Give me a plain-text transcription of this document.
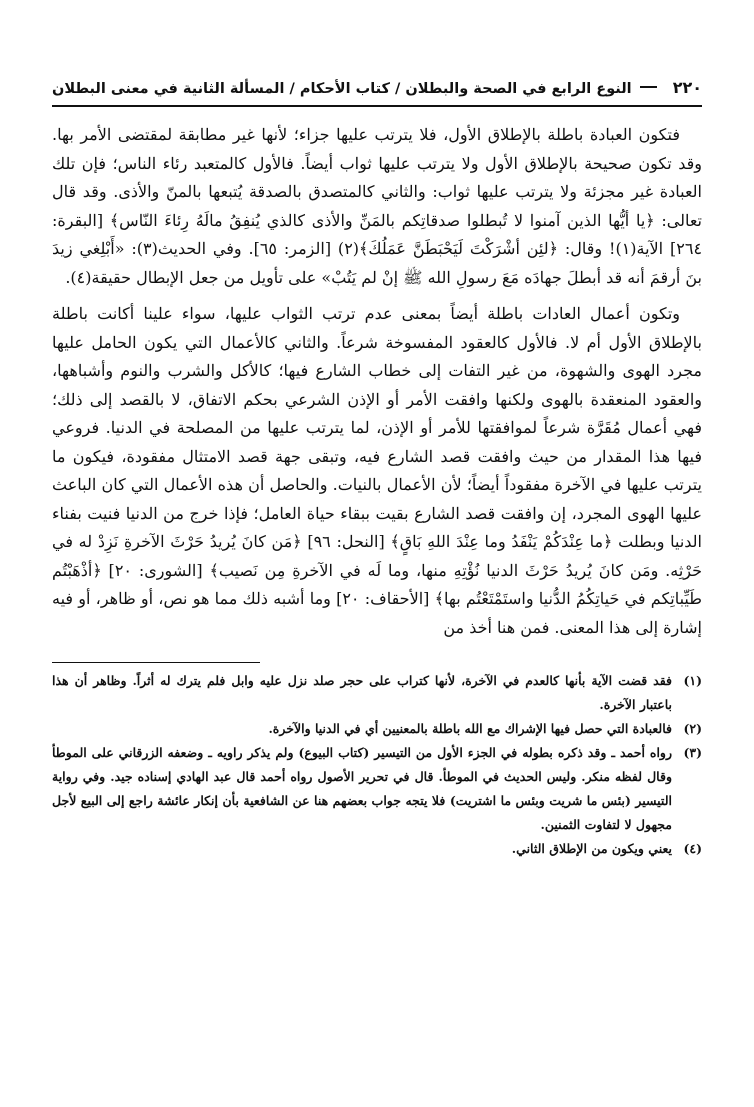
٢٢٠
النوع الرابع في الصحة والبطلان / كتاب الأحكام / المسألة الثانية في معنى البطلان

فتكون العبادة باطلة بالإطلاق الأول، فلا يترتب عليها جزاء؛ لأنها غير مطابقة لمقتضى الأمر بها. وقد تكون صحيحة بالإطلاق الأول ولا يترتب عليها ثواب أيضاً. فالأول كالمتعبد رئاء الناس؛ فإن تلك العبادة غير مجزئة ولا يترتب عليها ثواب: والثاني كالمتصدق بالصدقة يُتبعها بالمنّ والأذى. وقد قال تعالى: ﴿يا أيُّها الذين آمنوا لا تُبطلوا صدقاتِكم بالمَنِّ والأذى كالذي يُنفِقُ مالَهُ رِئاءَ النّاس﴾ [البقرة: ٢٦٤] الآية(١)! وقال: ﴿لئِن أشْرَكْتَ لَيَحْبَطَنَّ عَمَلُكَ﴾(٢) [الزمر: ٦٥]. وفي الحديث(٣): «أَبْلِغي زيدَ بنَ أرقمَ أنه قد أبطلَ جهادَه مَعَ رسولِ الله ﷺ إنْ لم يَتُبْ» على تأويل من جعل الإبطال حقيقة(٤).

وتكون أعمال العادات باطلة أيضاً بمعنى عدم ترتب الثواب عليها، سواء علينا أكانت باطلة بالإطلاق الأول أم لا. فالأول كالعقود المفسوخة شرعاً. والثاني كالأعمال التي يكون الحامل عليها مجرد الهوى والشهوة، من غير التفات إلى خطاب الشارع فيها؛ كالأكل والشرب والنوم وأشباهها، والعقود المنعقدة بالهوى ولكنها وافقت الأمر أو الإذن الشرعي بحكم الاتفاق، لا بالقصد إلى ذلك؛ فهي أعمال مُقَرَّة شرعاً لموافقتها للأمر أو الإذن، لما يترتب عليها من المصلحة في الدنيا. فروعي فيها هذا المقدار من حيث وافقت قصد الشارع فيه، وتبقى جهة قصد الامتثال مفقودة، فيكون ما يترتب عليها في الآخرة مفقوداً أيضاً؛ لأن الأعمال بالنيات. والحاصل أن هذه الأعمال التي كان الباعث عليها الهوى المجرد، إن وافقت قصد الشارع بقيت ببقاء حياة العامل؛ فإذا خرج من الدنيا فنيت بفناء الدنيا وبطلت ﴿ما عِنْدَكُمْ يَنْفَدُ وما عِنْدَ اللهِ بَاقٍ﴾ [النحل: ٩٦] ﴿مَن كانَ يُريدُ حَرْثَ الآخرةِ نَزِدْ له في حَرْثِه. ومَن كانَ يُريدُ حَرْثَ الدنيا نُؤْتِهِ منها، وما لَه في الآخرةِ مِن نَصيب﴾ [الشورى: ٢٠] ﴿أذْهَبْتُم طَيِّباتِكم في حَياتِكُمُ الدُّنيا واستَمْتَعْتُم بها﴾ [الأحقاف: ٢٠] وما أشبه ذلك مما هو نص، أو ظاهر، أو فيه إشارة إلى هذا المعنى. فمن هنا أخذ من

(١)
فقد قضت الآية بأنها كالعدم في الآخرة، لأنها كتراب على حجر صلد نزل عليه وابل فلم يترك له أثراً. وظاهر أن هذا باعتبار الآخرة.
(٢)
فالعبادة التي حصل فيها الإشراك مع الله باطلة بالمعنيين أي في الدنيا والآخرة.
(٣)
رواه أحمد ـ وقد ذكره بطوله في الجزء الأول من التيسير (كتاب البيوع) ولم يذكر راويه ـ وضعفه الزرقاني على الموطأ وقال لفظه منكر. وليس الحديث في الموطأ. قال في تحرير الأصول رواه أحمد قال عبد الهادي إسناده جيد. وفي رواية التيسير (بئس ما شريت وبئس ما اشتريت) فلا يتجه جواب بعضهم هنا عن الشافعية بأن إنكار عائشة راجع إلى البيع لأجل مجهول لا لتفاوت الثمنين.
(٤)
يعني ويكون من الإطلاق الثاني.
